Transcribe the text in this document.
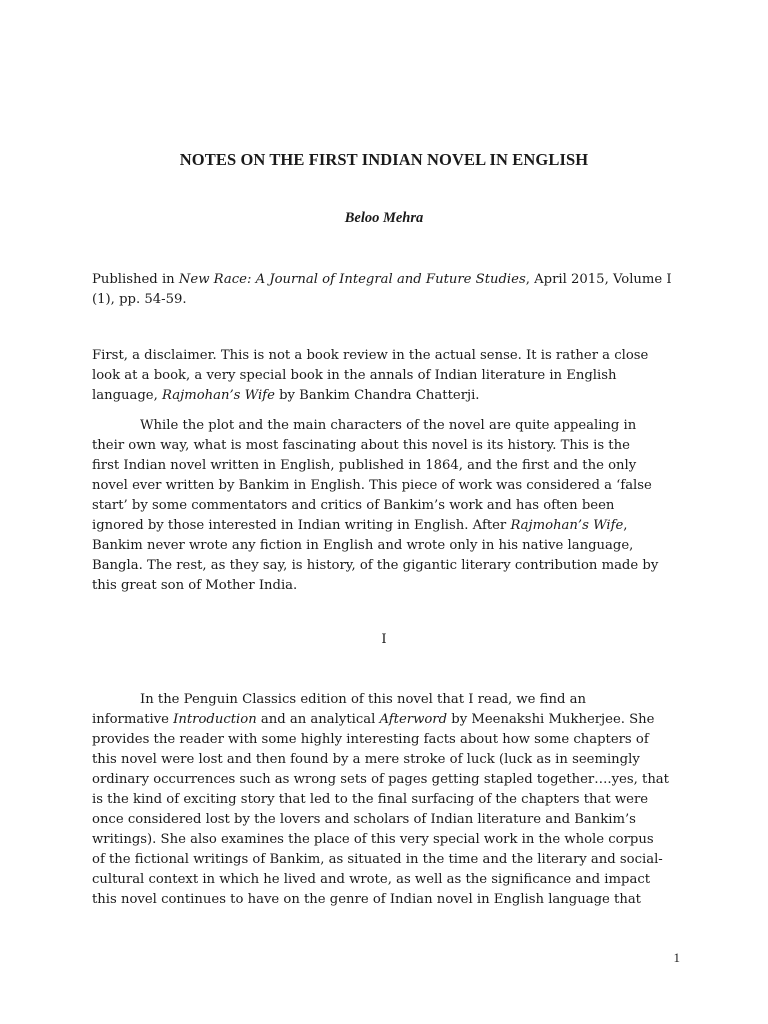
NOTES ON THE FIRST INDIAN NOVEL IN ENGLISH
Beloo Mehra

Published in New Race: A Journal of Integral and Future Studies, April 2015, Volume I
(1), pp. 54-59.

First, a disclaimer. This is not a book review in the actual sense. It is rather a close
look at a book, a very special book in the annals of Indian literature in English
language, Rajmohan’s Wife by Bankim Chandra Chatterji.

While the plot and the main characters of the novel are quite appealing in
their own way, what is most fascinating about this novel is its history. This is the
first Indian novel written in English, published in 1864, and the first and the only
novel ever written by Bankim in English. This piece of work was considered a ‘false
start’ by some commentators and critics of Bankim’s work and has often been
ignored by those interested in Indian writing in English. After Rajmohan’s Wife,
Bankim never wrote any fiction in English and wrote only in his native language,
Bangla. The rest, as they say, is history, of the gigantic literary contribution made by
this great son of Mother India.

I

In the Penguin Classics edition of this novel that I read, we find an
informative Introduction and an analytical Afterword by Meenakshi Mukherjee. She
provides the reader with some highly interesting facts about how some chapters of
this novel were lost and then found by a mere stroke of luck (luck as in seemingly
ordinary occurrences such as wrong sets of pages getting stapled together….yes, that
is the kind of exciting story that led to the final surfacing of the chapters that were
once considered lost by the lovers and scholars of Indian literature and Bankim’s
writings). She also examines the place of this very special work in the whole corpus
of the fictional writings of Bankim, as situated in the time and the literary and social-
cultural context in which he lived and wrote, as well as the significance and impact
this novel continues to have on the genre of Indian novel in English language that

1
